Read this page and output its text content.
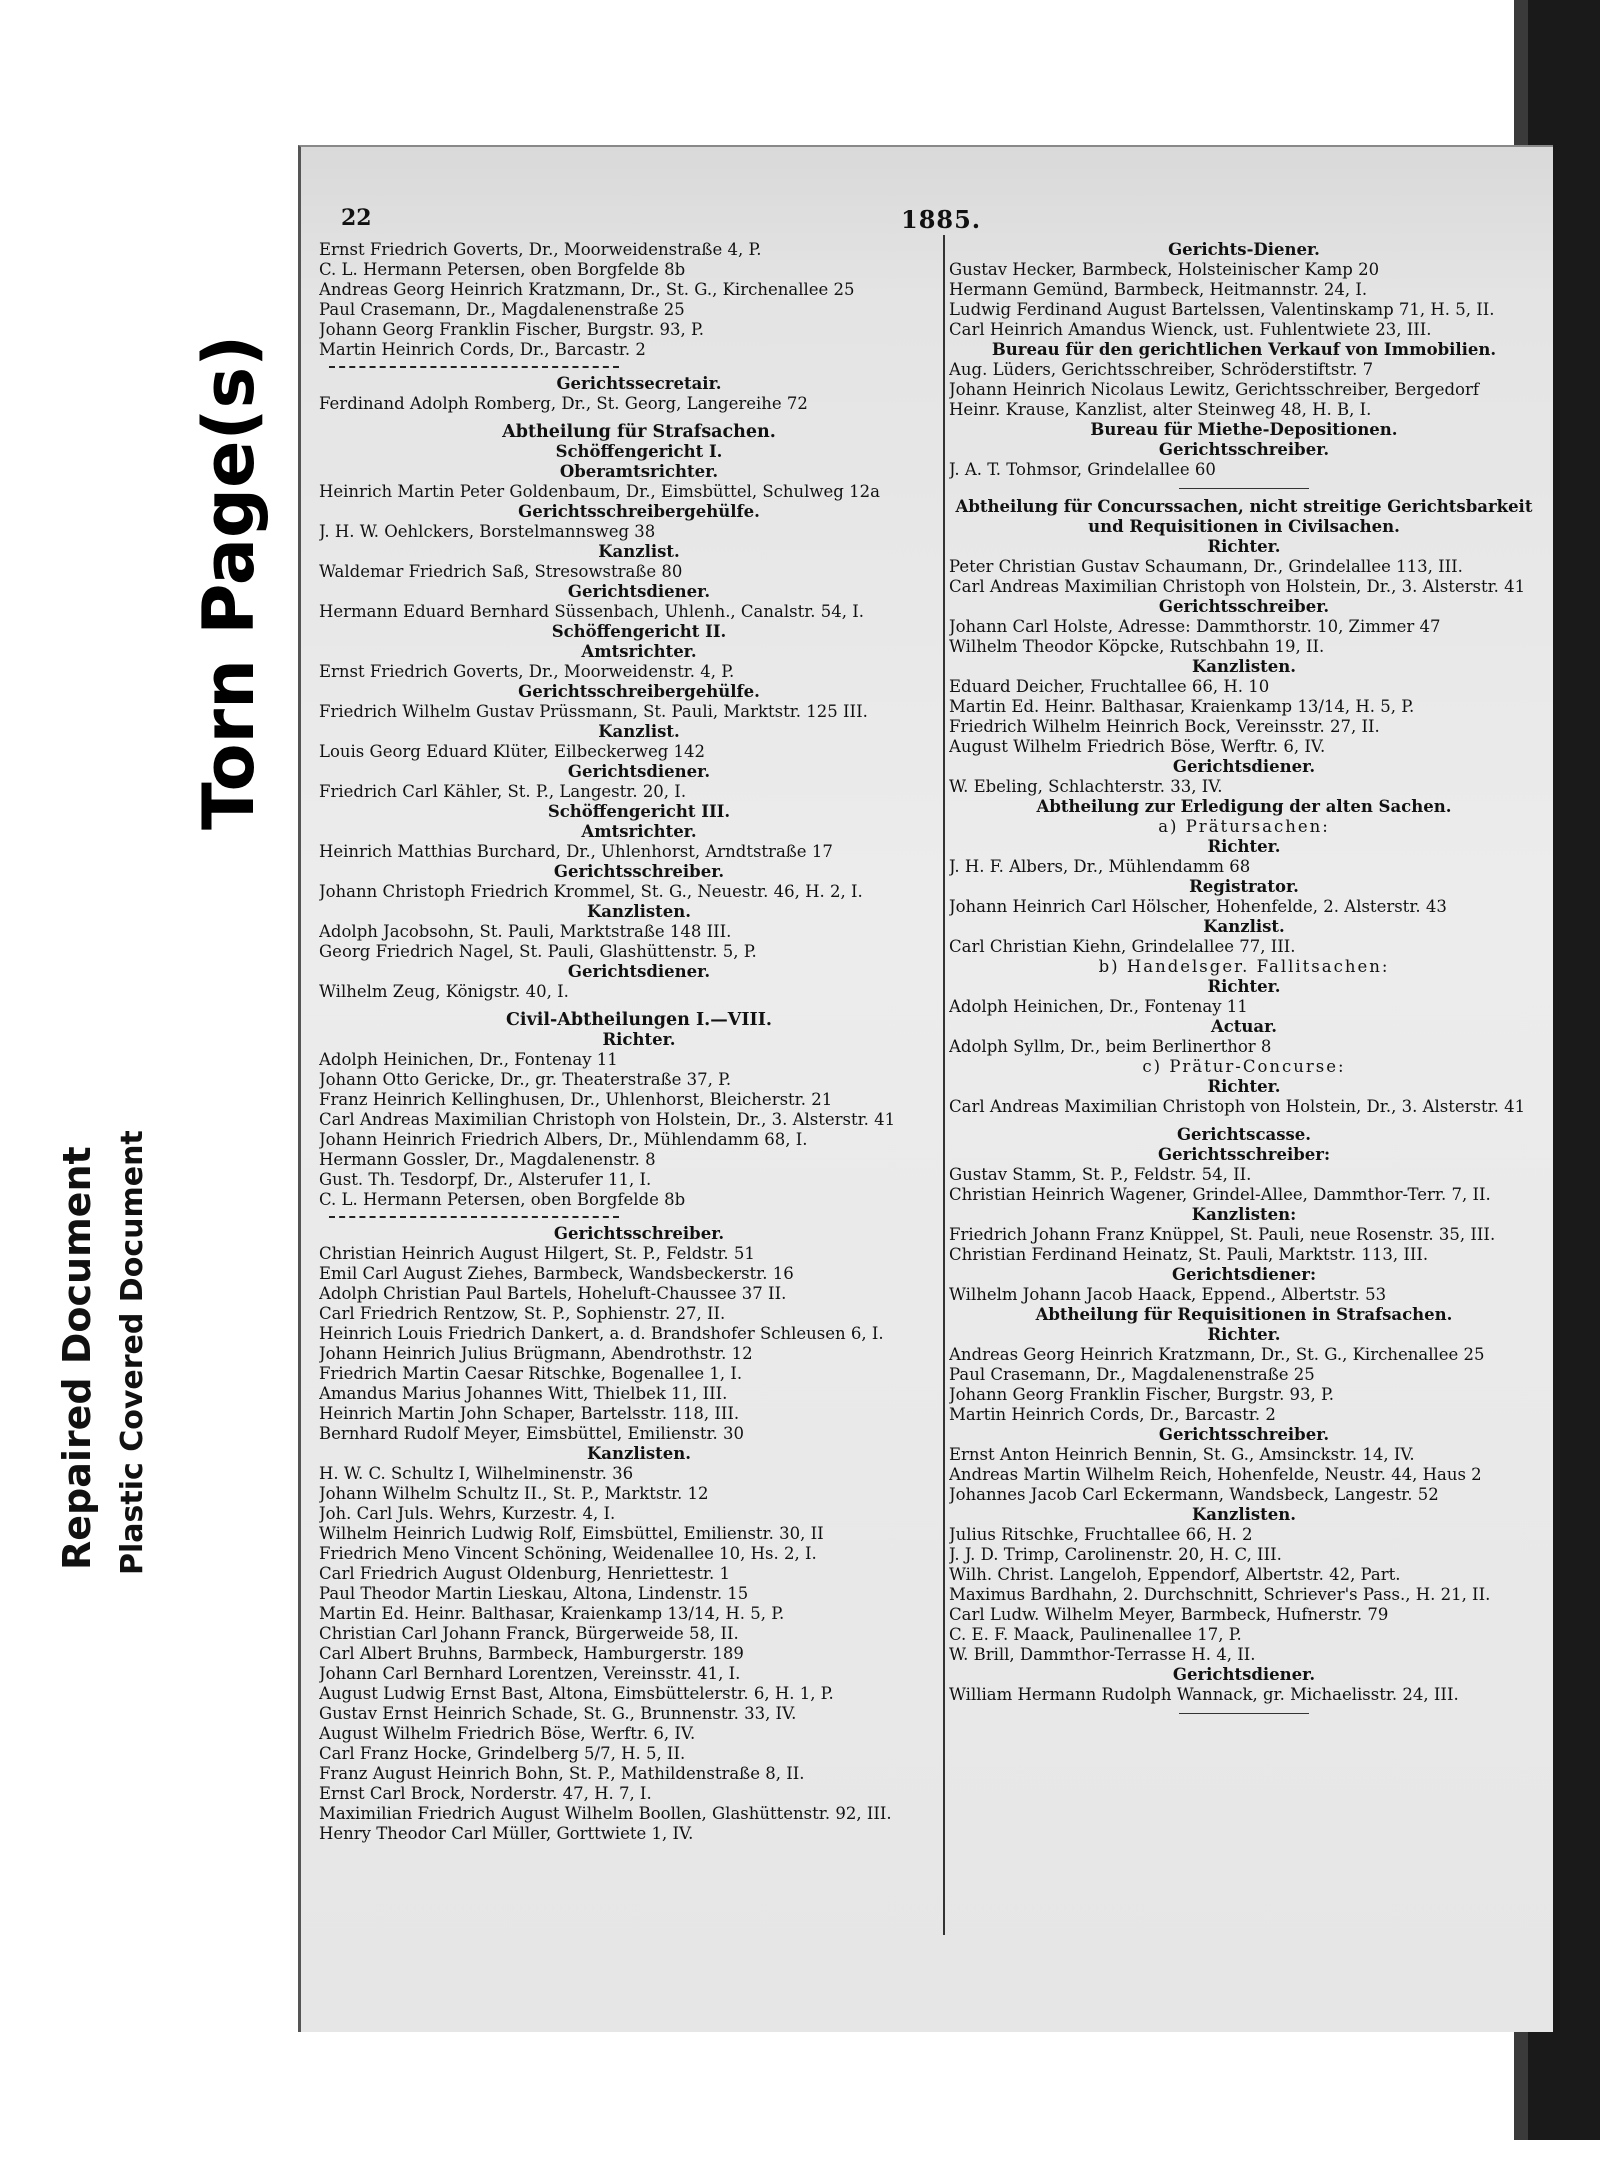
Torn Page(s)
Repaired Document Plastic Covered Document
22	1885.
Ernst Friedrich Goverts, Dr., Moorweidenstraße 4, P.
C. L. Hermann Petersen, oben Borgfelde 8b
Andreas Georg Heinrich Kratzmann, Dr., St. G., Kirchenallee 25
Paul Crasemann, Dr., Magdalenenstraße 25
Johann Georg Franklin Fischer, Burgstr. 93, P.
Martin Heinrich Cords, Dr., Barcastr. 2
Gerichtssecretair.
Ferdinand Adolph Romberg, Dr., St. Georg, Langereihe 72
Abtheilung für Strafsachen.
Schöffengericht I.
Oberamtsrichter.
Heinrich Martin Peter Goldenbaum, Dr., Eimsbüttel, Schulweg 12a
Gerichtsschreibergehülfe.
J. H. W. Oehlckers, Borstelmannsweg 38
Kanzlist.
Waldemar Friedrich Saß, Stresowstraße 80
Gerichtsdiener.
Hermann Eduard Bernhard Süssenbach, Uhlenh., Canalstr. 54, I.
Schöffengericht II.
Amtsrichter.
Ernst Friedrich Goverts, Dr., Moorweidenstr. 4, P.
Gerichtsschreibergehülfe.
Friedrich Wilhelm Gustav Prüssmann, St. Pauli, Marktstr. 125 III.
Kanzlist.
Louis Georg Eduard Klüter, Eilbeckerweg 142
Gerichtsdiener.
Friedrich Carl Kähler, St. P., Langestr. 20, I.
Schöffengericht III.
Amtsrichter.
Heinrich Matthias Burchard, Dr., Uhlenhorst, Arndtstraße 17
Gerichtsschreiber.
Johann Christoph Friedrich Krommel, St. G., Neuestr. 46, H. 2, I.
Kanzlisten.
Adolph Jacobsohn, St. Pauli, Marktstraße 148 III.
Georg Friedrich Nagel, St. Pauli, Glashüttenstr. 5, P.
Gerichtsdiener.
Wilhelm Zeug, Königstr. 40, I.
Civil-Abtheilungen I.—VIII.
Richter.
Adolph Heinichen, Dr., Fontenay 11
Johann Otto Gericke, Dr., gr. Theaterstraße 37, P.
Franz Heinrich Kellinghusen, Dr., Uhlenhorst, Bleicherstr. 21
Carl Andreas Maximilian Christoph von Holstein, Dr., 3. Alsterstr. 41
Johann Heinrich Friedrich Albers, Dr., Mühlendamm 68, I.
Hermann Gossler, Dr., Magdalenenstr. 8
Gust. Th. Tesdorpf, Dr., Alsterufer 11, I.
C. L. Hermann Petersen, oben Borgfelde 8b
Gerichtsschreiber.
Christian Heinrich August Hilgert, St. P., Feldstr. 51
Emil Carl August Ziehes, Barmbeck, Wandsbeckerstr. 16
Adolph Christian Paul Bartels, Hoheluft-Chaussee 37 II.
Carl Friedrich Rentzow, St. P., Sophienstr. 27, II.
Heinrich Louis Friedrich Dankert, a. d. Brandshofer Schleusen 6, I.
Johann Heinrich Julius Brügmann, Abendrothstr. 12
Friedrich Martin Caesar Ritschke, Bogenallee 1, I.
Amandus Marius Johannes Witt, Thielbek 11, III.
Heinrich Martin John Schaper, Bartelsstr. 118, III.
Bernhard Rudolf Meyer, Eimsbüttel, Emilienstr. 30
Kanzlisten.
H. W. C. Schultz I, Wilhelminenstr. 36
Johann Wilhelm Schultz II., St. P., Marktstr. 12
Joh. Carl Juls. Wehrs, Kurzestr. 4, I.
Wilhelm Heinrich Ludwig Rolf, Eimsbüttel, Emilienstr. 30, II
Friedrich Meno Vincent Schöning, Weidenallee 10, Hs. 2, I.
Carl Friedrich August Oldenburg, Henriettestr. 1
Paul Theodor Martin Lieskau, Altona, Lindenstr. 15
Martin Ed. Heinr. Balthasar, Kraienkamp 13/14, H. 5, P.
Christian Carl Johann Franck, Bürgerweide 58, II.
Carl Albert Bruhns, Barmbeck, Hamburgerstr. 189
Johann Carl Bernhard Lorentzen, Vereinsstr. 41, I.
August Ludwig Ernst Bast, Altona, Eimsbüttelerstr. 6, H. 1, P.
Gustav Ernst Heinrich Schade, St. G., Brunnenstr. 33, IV.
August Wilhelm Friedrich Böse, Werftr. 6, IV.
Carl Franz Hocke, Grindelberg 5/7, H. 5, II.
Franz August Heinrich Bohn, St. P., Mathildenstraße 8, II.
Ernst Carl Brock, Norderstr. 47, H. 7, I.
Maximilian Friedrich August Wilhelm Boollen, Glashüttenstr. 92, III.
Henry Theodor Carl Müller, Gorttwiete 1, IV.
Gerichts-Diener.
Gustav Hecker, Barmbeck, Holsteinischer Kamp 20
Hermann Gemünd, Barmbeck, Heitmannstr. 24, I.
Ludwig Ferdinand August Bartelssen, Valentinskamp 71, H. 5, II.
Carl Heinrich Amandus Wienck, ust. Fuhlentwiete 23, III.
Bureau für den gerichtlichen Verkauf von Immobilien.
Aug. Lüders, Gerichtsschreiber, Schröderstiftstr. 7
Johann Heinrich Nicolaus Lewitz, Gerichtsschreiber, Bergedorf
Heinr. Krause, Kanzlist, alter Steinweg 48, H. B, I.
Bureau für Miethe-Depositionen.
Gerichtsschreiber.
J. A. T. Tohmsor, Grindelallee 60
Abtheilung für Concurssachen, nicht streitige Gerichtsbarkeit
und Requisitionen in Civilsachen.
Richter.
Peter Christian Gustav Schaumann, Dr., Grindelallee 113, III.
Carl Andreas Maximilian Christoph von Holstein, Dr., 3. Alsterstr. 41
Gerichtsschreiber.
Johann Carl Holste, Adresse: Dammthorstr. 10, Zimmer 47
Wilhelm Theodor Köpcke, Rutschbahn 19, II.
Kanzlisten.
Eduard Deicher, Fruchtallee 66, H. 10
Martin Ed. Heinr. Balthasar, Kraienkamp 13/14, H. 5, P.
Friedrich Wilhelm Heinrich Bock, Vereinsstr. 27, II.
August Wilhelm Friedrich Böse, Werftr. 6, IV.
Gerichtsdiener.
W. Ebeling, Schlachterstr. 33, IV.
Abtheilung zur Erledigung der alten Sachen.
a) Prätursachen:
Richter.
J. H. F. Albers, Dr., Mühlendamm 68
Registrator.
Johann Heinrich Carl Hölscher, Hohenfelde, 2. Alsterstr. 43
Kanzlist.
Carl Christian Kiehn, Grindelallee 77, III.
b) Handelsger. Fallitsachen:
Richter.
Adolph Heinichen, Dr., Fontenay 11
Actuar.
Adolph Syllm, Dr., beim Berlinerthor 8
c) Prätur-Concurse:
Richter.
Carl Andreas Maximilian Christoph von Holstein, Dr., 3. Alsterstr. 41
Gerichtscasse.
Gerichtsschreiber:
Gustav Stamm, St. P., Feldstr. 54, II.
Christian Heinrich Wagener, Grindel-Allee, Dammthor-Terr. 7, II.
Kanzlisten:
Friedrich Johann Franz Knüppel, St. Pauli, neue Rosenstr. 35, III.
Christian Ferdinand Heinatz, St. Pauli, Marktstr. 113, III.
Gerichtsdiener:
Wilhelm Johann Jacob Haack, Eppend., Albertstr. 53
Abtheilung für Requisitionen in Strafsachen.
Richter.
Andreas Georg Heinrich Kratzmann, Dr., St. G., Kirchenallee 25
Paul Crasemann, Dr., Magdalenenstraße 25
Johann Georg Franklin Fischer, Burgstr. 93, P.
Martin Heinrich Cords, Dr., Barcastr. 2
Gerichtsschreiber.
Ernst Anton Heinrich Bennin, St. G., Amsinckstr. 14, IV.
Andreas Martin Wilhelm Reich, Hohenfelde, Neustr. 44, Haus 2
Johannes Jacob Carl Eckermann, Wandsbeck, Langestr. 52
Kanzlisten.
Julius Ritschke, Fruchtallee 66, H. 2
J. J. D. Trimp, Carolinenstr. 20, H. C, III.
Wilh. Christ. Langeloh, Eppendorf, Albertstr. 42, Part.
Maximus Bardhahn, 2. Durchschnitt, Schriever's Pass., H. 21, II.
Carl Ludw. Wilhelm Meyer, Barmbeck, Hufnerstr. 79
C. E. F. Maack, Paulinenallee 17, P.
W. Brill, Dammthor-Terrasse H. 4, II.
Gerichtsdiener.
William Hermann Rudolph Wannack, gr. Michaelisstr. 24, III.
